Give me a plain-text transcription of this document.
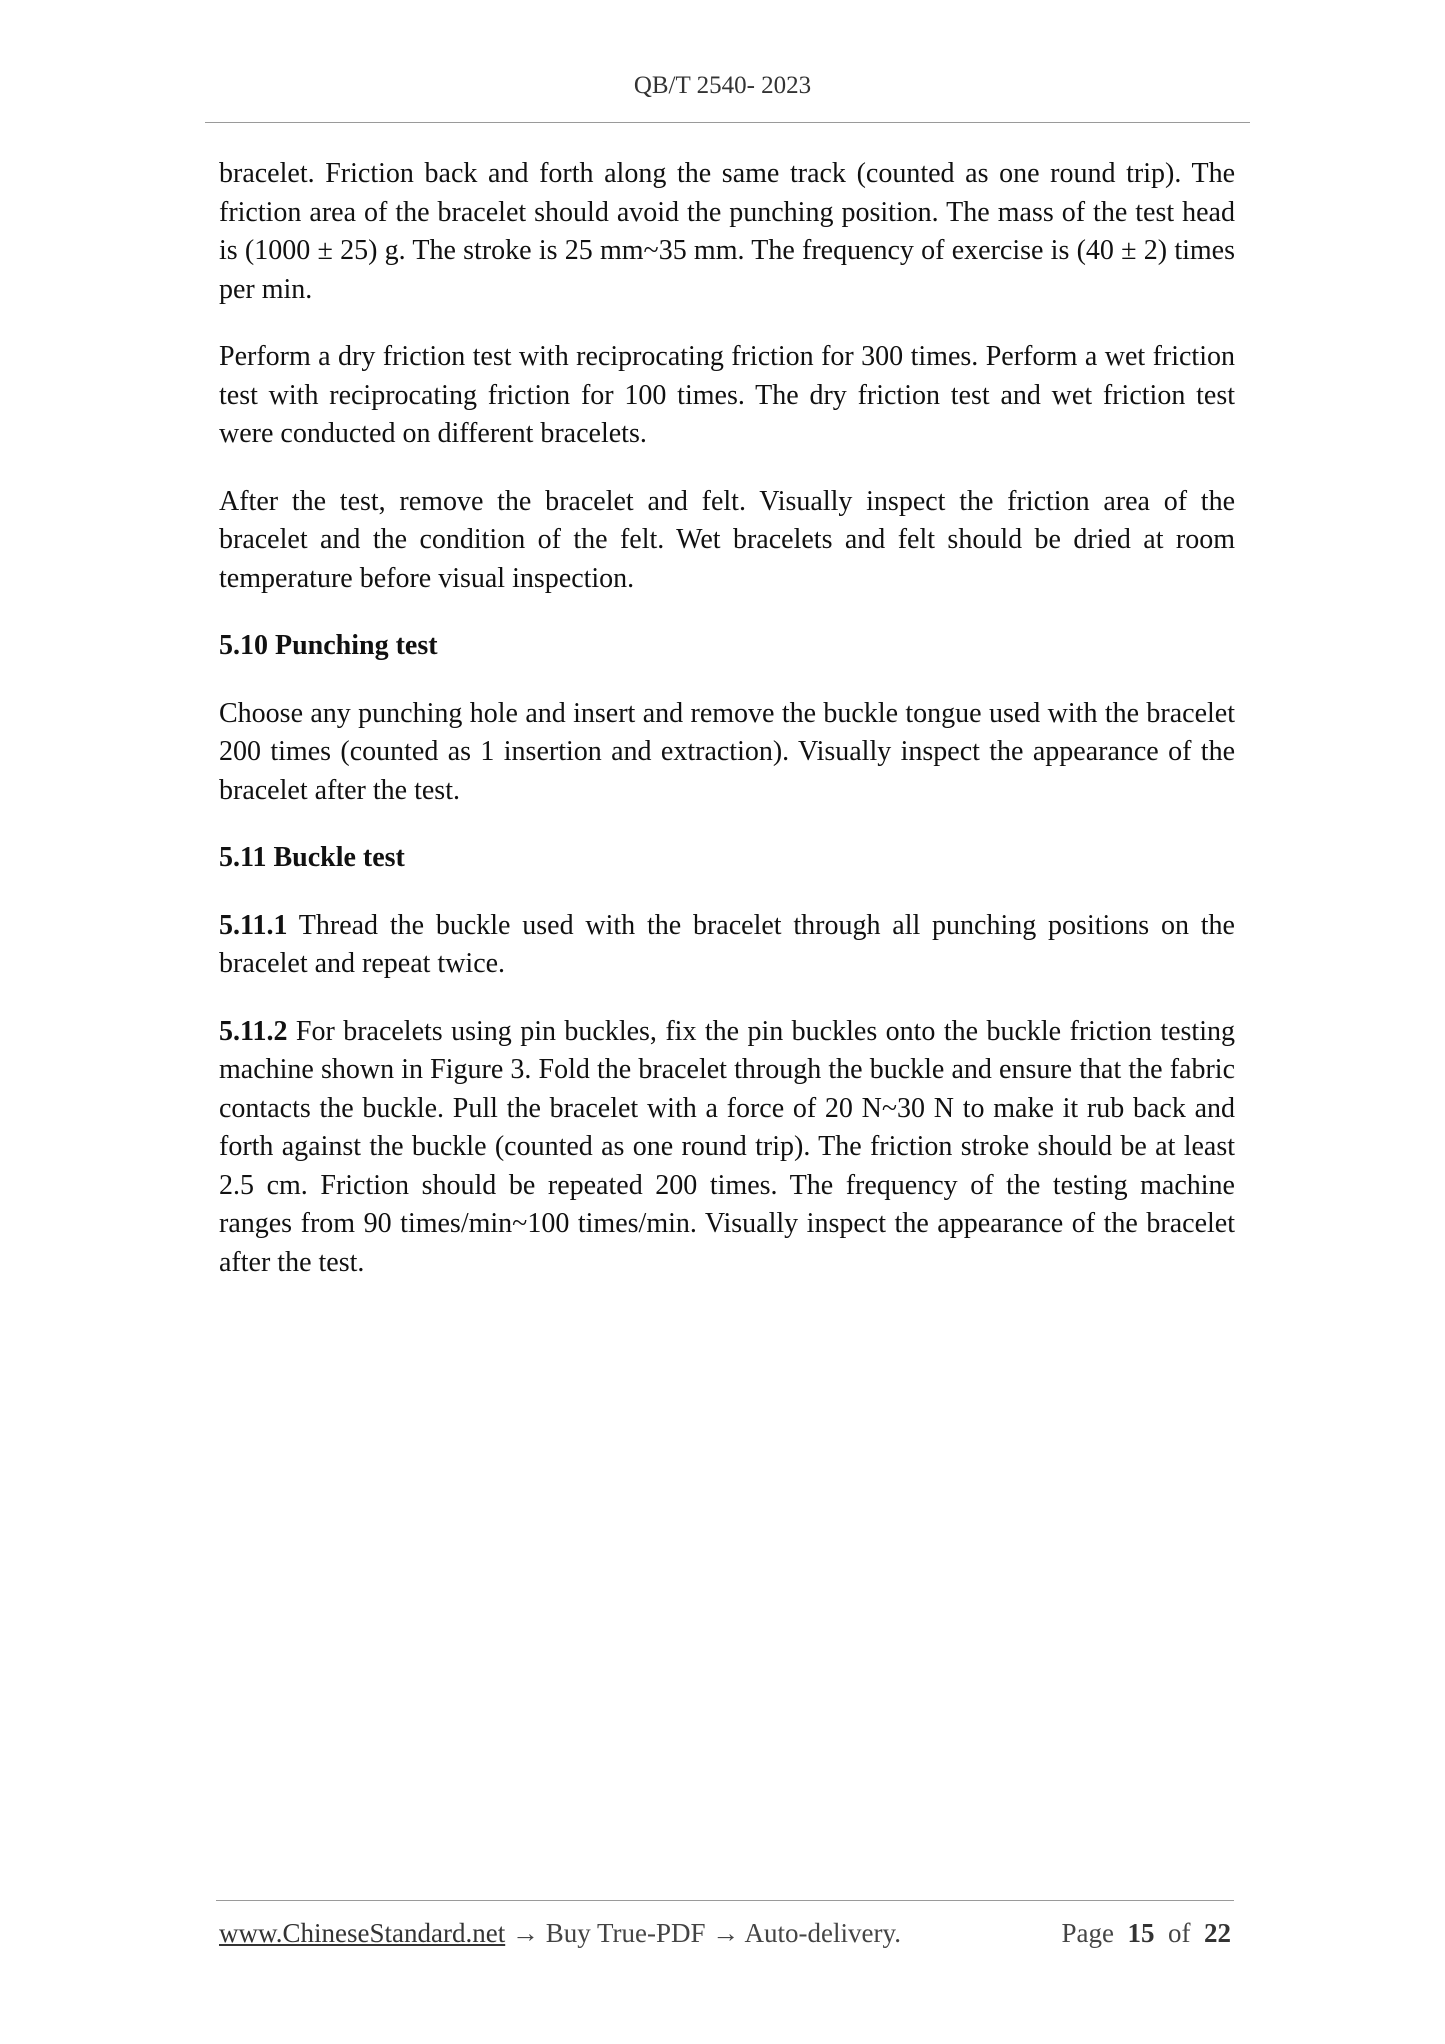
QB/T 2540- 2023

bracelet. Friction back and forth along the same track (counted as one round trip). The friction area of the bracelet should avoid the punching position. The mass of the test head is (1000 ± 25) g. The stroke is 25 mm~35 mm. The frequency of exercise is (40 ± 2) times per min.

Perform a dry friction test with reciprocating friction for 300 times. Perform a wet friction test with reciprocating friction for 100 times. The dry friction test and wet friction test were conducted on different bracelets.

After the test, remove the bracelet and felt. Visually inspect the friction area of the bracelet and the condition of the felt. Wet bracelets and felt should be dried at room temperature before visual inspection.

5.10 Punching test

Choose any punching hole and insert and remove the buckle tongue used with the bracelet 200 times (counted as 1 insertion and extraction). Visually inspect the appearance of the bracelet after the test.

5.11 Buckle test

5.11.1 Thread the buckle used with the bracelet through all punching positions on the bracelet and repeat twice.

5.11.2 For bracelets using pin buckles, fix the pin buckles onto the buckle friction testing machine shown in Figure 3. Fold the bracelet through the buckle and ensure that the fabric contacts the buckle. Pull the bracelet with a force of 20 N~30 N to make it rub back and forth against the buckle (counted as one round trip). The friction stroke should be at least 2.5 cm. Friction should be repeated 200 times. The frequency of the testing machine ranges from 90 times/min~100 times/min. Visually inspect the appearance of the bracelet after the test.

www.ChineseStandard.net → Buy True-PDF → Auto-delivery.	Page 15 of 22
